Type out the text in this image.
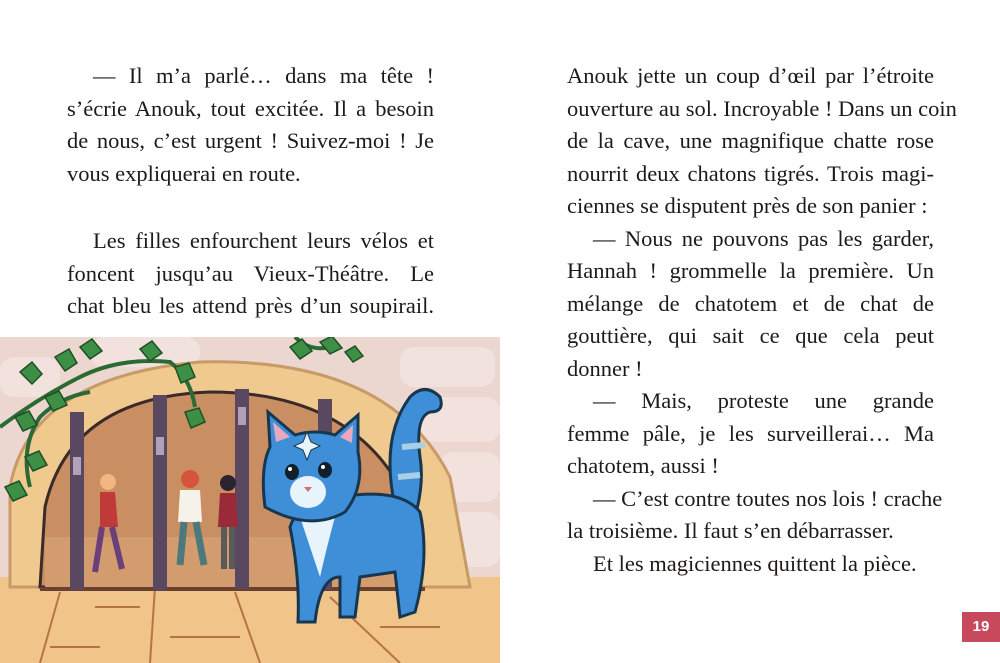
— Il m’a parlé… dans ma tête !
s’écrie Anouk, tout excitée. Il a besoin
de nous, c’est urgent ! Suivez-moi ! Je
vous expliquerai en route.
Les filles enfourchent leurs vélos et
foncent jusqu’au Vieux-Théâtre. Le
chat bleu les attend près d’un soupirail.
Anouk jette un coup d’œil par l’étroite
ouverture au sol. Incroyable ! Dans un coin
de la cave, une magnifique chatte rose
nourrit deux chatons tigrés. Trois magi-
ciennes se disputent près de son panier :
— Nous ne pouvons pas les garder,
Hannah ! grommelle la première. Un
mélange de chatotem et de chat de
gouttière, qui sait ce que cela peut
donner !
— Mais, proteste une grande
femme pâle, je les surveillerai… Ma
chatotem, aussi !
— C’est contre toutes nos lois ! crache
la troisième. Il faut s’en débarrasser.
Et les magiciennes quittent la pièce.
19
